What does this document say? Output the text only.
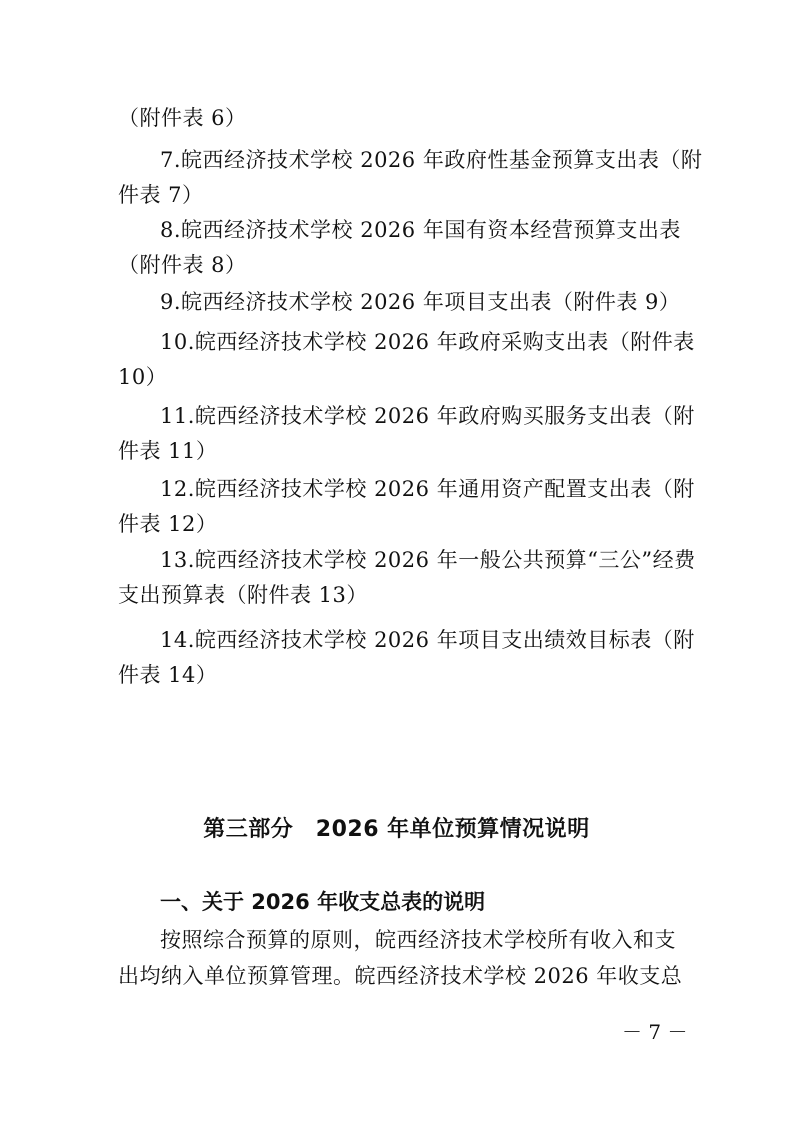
（附件表 6）
7.皖西经济技术学校 2026 年政府性基金预算支出表（附
件表 7）
8.皖西经济技术学校 2026 年国有资本经营预算支出表
（附件表 8）
9.皖西经济技术学校 2026 年项目支出表（附件表 9）
10.皖西经济技术学校 2026 年政府采购支出表（附件表
10）
11.皖西经济技术学校 2026 年政府购买服务支出表（附
件表 11）
12.皖西经济技术学校 2026 年通用资产配置支出表（附
件表 12）
13.皖西经济技术学校 2026 年一般公共预算“三公”经费
支出预算表（附件表 13）
14.皖西经济技术学校 2026 年项目支出绩效目标表（附
件表 14）
第三部分　2026 年单位预算情况说明
一、关于 2026 年收支总表的说明
按照综合预算的原则，皖西经济技术学校所有收入和支
出均纳入单位预算管理。皖西经济技术学校 2026 年收支总
－ 7 －
